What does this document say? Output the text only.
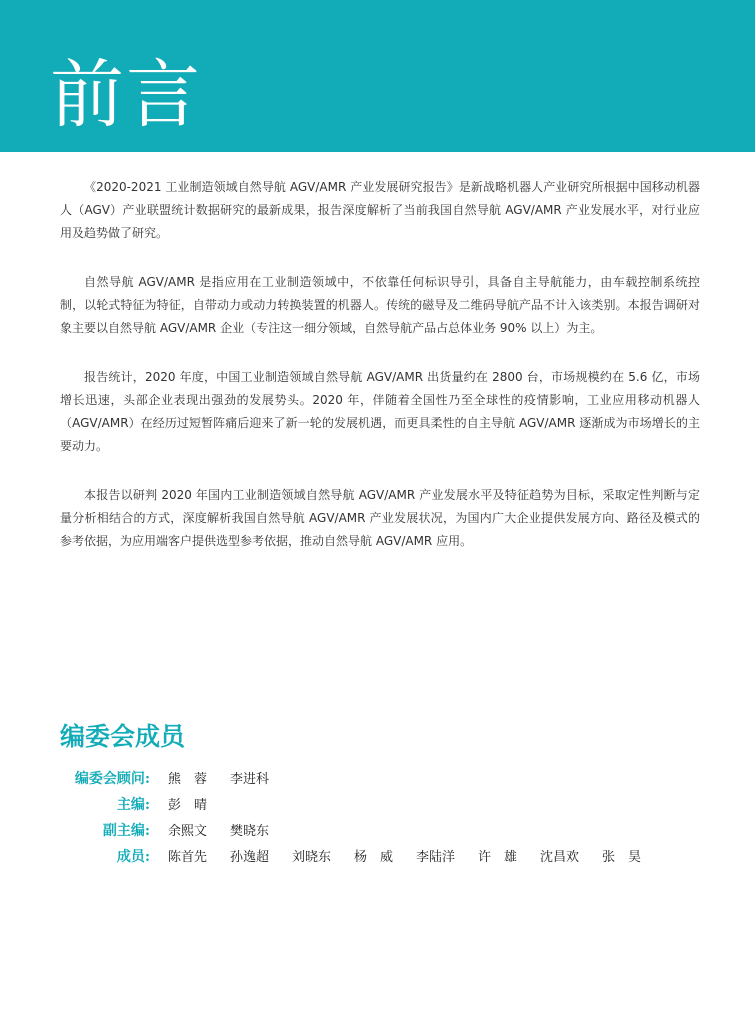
前言

《2020-2021 工业制造领域自然导航 AGV/AMR 产业发展研究报告》是新战略机器人产业研究所根据中国移动机器人（AGV）产业联盟统计数据研究的最新成果，报告深度解析了当前我国自然导航 AGV/AMR 产业发展水平，对行业应用及趋势做了研究。

自然导航 AGV/AMR 是指应用在工业制造领域中，不依靠任何标识导引，具备自主导航能力，由车载控制系统控制，以轮式特征为特征，自带动力或动力转换装置的机器人。传统的磁导及二维码导航产品不计入该类别。本报告调研对象主要以自然导航 AGV/AMR 企业（专注这一细分领域，自然导航产品占总体业务 90% 以上）为主。

报告统计，2020 年度，中国工业制造领域自然导航 AGV/AMR 出货量约在 2800 台，市场规模约在 5.6 亿，市场增长迅速，头部企业表现出强劲的发展势头。2020 年，伴随着全国性乃至全球性的疫情影响，工业应用移动机器人（AGV/AMR）在经历过短暂阵痛后迎来了新一轮的发展机遇，而更具柔性的自主导航 AGV/AMR 逐渐成为市场增长的主要动力。

本报告以研判 2020 年国内工业制造领域自然导航 AGV/AMR 产业发展水平及特征趋势为目标，采取定性判断与定量分析相结合的方式，深度解析我国自然导航 AGV/AMR 产业发展状况，为国内广大企业提供发展方向、路径及模式的参考依据，为应用端客户提供选型参考依据，推动自然导航 AGV/AMR 应用。

编委会成员
编委会顾问: 熊　蓉	李进科
主编: 彭　晴
副主编: 余熙文	樊晓东
成员: 陈首先	孙逸超	刘晓东	杨　威	李陆洋	许　雄	沈昌欢	张　昊
